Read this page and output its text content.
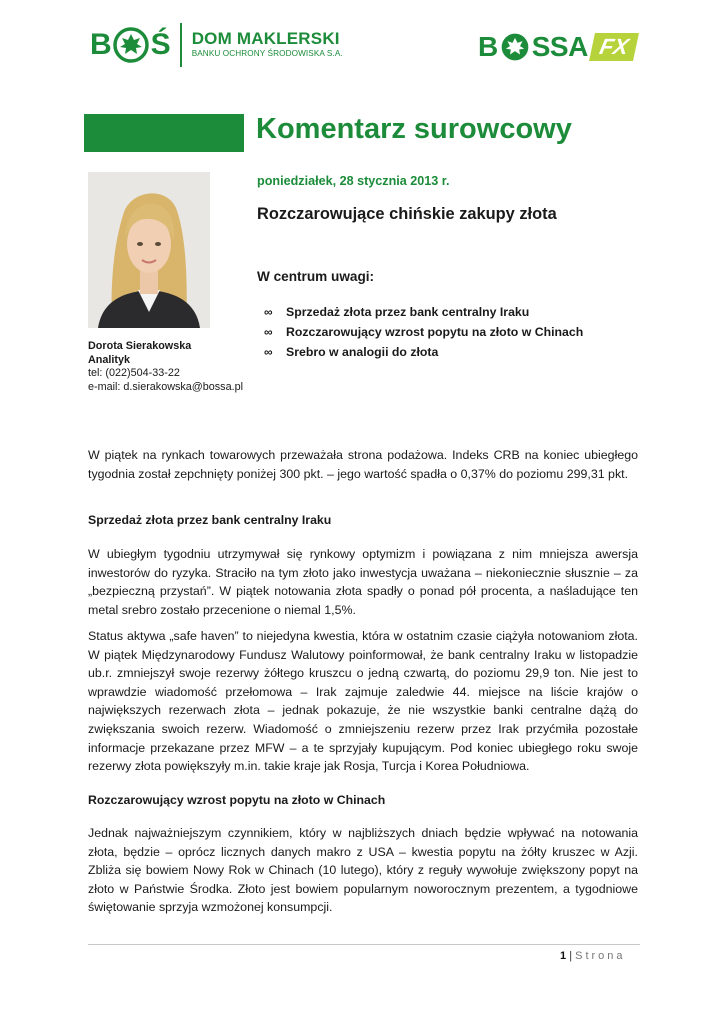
B Ś DOM MAKLERSKI
BANKU OCHRONY ŚRODOWISKA S.A.	B SSA FX
Komentarz surowcowy
poniedziałek, 28 stycznia 2013 r.
Rozczarowujące chińskie zakupy złota
W centrum uwagi:
∞	Sprzedaż złota przez bank centralny Iraku
∞	Rozczarowujący wzrost popytu na złoto w Chinach
∞	Srebro w analogii do złota
Dorota Sierakowska
Analityk
tel: (022)504-33-22
e-mail: d.sierakowska@bossa.pl

W piątek na rynkach towarowych przeważała strona podażowa. Indeks CRB na koniec ubiegłego tygodnia został zepchnięty poniżej 300 pkt. – jego wartość spadła o 0,37% do poziomu 299,31 pkt.

Sprzedaż złota przez bank centralny Iraku

W ubiegłym tygodniu utrzymywał się rynkowy optymizm i powiązana z nim mniejsza awersja inwestorów do ryzyka. Straciło na tym złoto jako inwestycja uważana – niekoniecznie słusznie – za „bezpieczną przystań”. W piątek notowania złota spadły o ponad pół procenta, a naśladujące ten metal srebro zostało przecenione o niemal 1,5%.

Status aktywa „safe haven” to niejedyna kwestia, która w ostatnim czasie ciążyła notowaniom złota. W piątek Międzynarodowy Fundusz Walutowy poinformował, że bank centralny Iraku w listopadzie ub.r. zmniejszył swoje rezerwy żółtego kruszcu o jedną czwartą, do poziomu 29,9 ton. Nie jest to wprawdzie wiadomość przełomowa – Irak zajmuje zaledwie 44. miejsce na liście krajów o największych rezerwach złota – jednak pokazuje, że nie wszystkie banki centralne dążą do zwiększania swoich rezerw. Wiadomość o zmniejszeniu rezerw przez Irak przyćmiła pozostałe informacje przekazane przez MFW – a te sprzyjały kupującym. Pod koniec ubiegłego roku swoje rezerwy złota powiększyły m.in. takie kraje jak Rosja, Turcja i Korea Południowa.

Rozczarowujący wzrost popytu na złoto w Chinach

Jednak najważniejszym czynnikiem, który w najbliższych dniach będzie wpływać na notowania złota, będzie – oprócz licznych danych makro z USA – kwestia popytu na żółty kruszec w Azji. Zbliża się bowiem Nowy Rok w Chinach (10 lutego), który z reguły wywołuje zwiększony popyt na złoto w Państwie Środka. Złoto jest bowiem popularnym noworocznym prezentem, a tygodniowe świętowanie sprzyja wzmożonej konsumpcji.

1 | Strona
